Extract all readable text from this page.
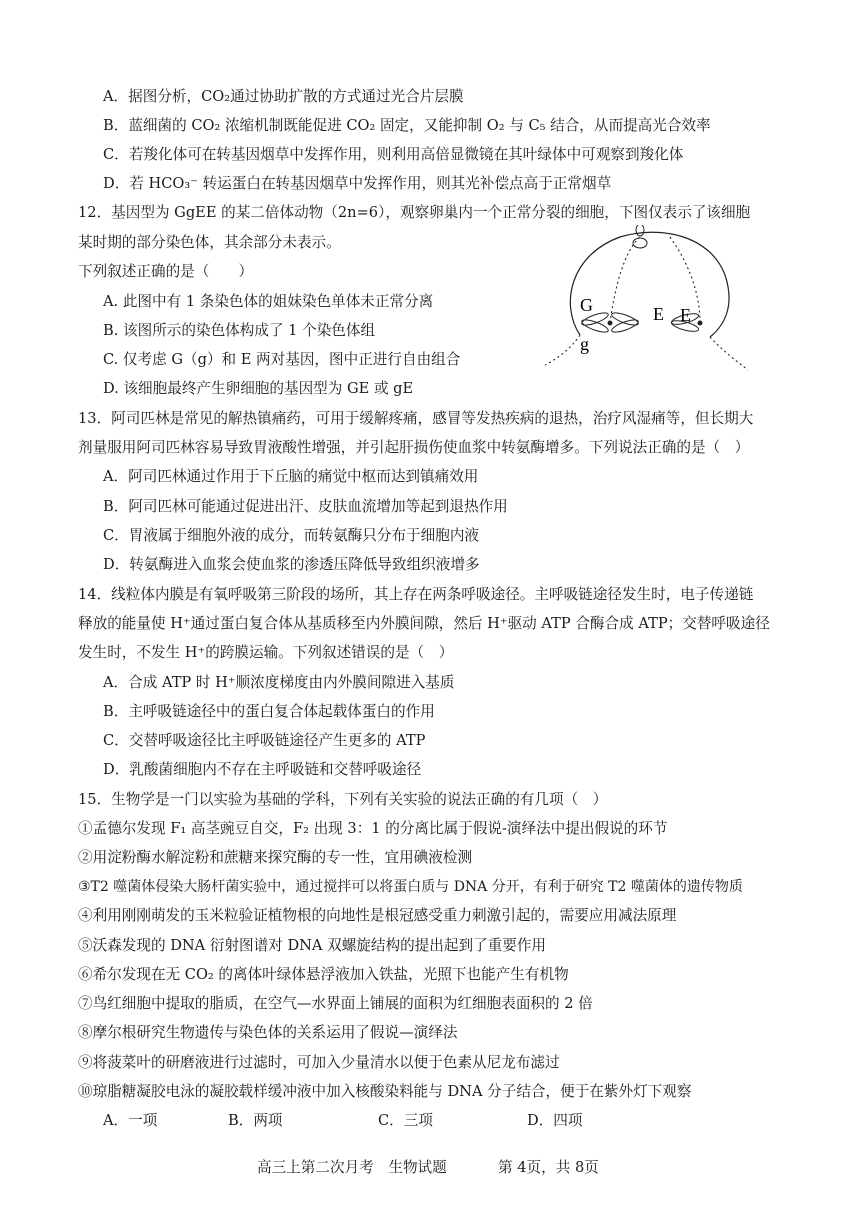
A．据图分析，CO₂通过协助扩散的方式通过光合片层膜
B．蓝细菌的 CO₂ 浓缩机制既能促进 CO₂ 固定，又能抑制 O₂ 与 C₅ 结合，从而提高光合效率
C．若羧化体可在转基因烟草中发挥作用，则利用高倍显微镜在其叶绿体中可观察到羧化体
D．若 HCO₃⁻ 转运蛋白在转基因烟草中发挥作用，则其光补偿点高于正常烟草
12．基因型为 GgEE 的某二倍体动物（2n=6），观察卵巢内一个正常分裂的细胞，下图仅表示了该细胞
某时期的部分染色体，其余部分未表示。
下列叙述正确的是（　　）
A. 此图中有 1 条染色体的姐妹染色单体未正常分离
B. 该图所示的染色体构成了 1 个染色体组
C. 仅考虑 G（g）和 E 两对基因，图中正进行自由组合
D. 该细胞最终产生卵细胞的基因型为 GE 或 gE
G
g
E E
13．阿司匹林是常见的解热镇痛药，可用于缓解疼痛，感冒等发热疾病的退热，治疗风湿痛等，但长期大
剂量服用阿司匹林容易导致胃液酸性增强，并引起肝损伤使血浆中转氨酶增多。下列说法正确的是（　）
A．阿司匹林通过作用于下丘脑的痛觉中枢而达到镇痛效用
B．阿司匹林可能通过促进出汗、皮肤血流增加等起到退热作用
C．胃液属于细胞外液的成分，而转氨酶只分布于细胞内液
D．转氨酶进入血浆会使血浆的渗透压降低导致组织液增多
14．线粒体内膜是有氧呼吸第三阶段的场所，其上存在两条呼吸途径。主呼吸链途径发生时，电子传递链
释放的能量使 H⁺通过蛋白复合体从基质移至内外膜间隙，然后 H⁺驱动 ATP 合酶合成 ATP；交替呼吸途径
发生时，不发生 H⁺的跨膜运输。下列叙述错误的是（　）
A．合成 ATP 时 H⁺顺浓度梯度由内外膜间隙进入基质
B．主呼吸链途径中的蛋白复合体起载体蛋白的作用
C．交替呼吸途径比主呼吸链途径产生更多的 ATP
D．乳酸菌细胞内不存在主呼吸链和交替呼吸途径
15．生物学是一门以实验为基础的学科，下列有关实验的说法正确的有几项（　）
①孟德尔发现 F₁ 高茎豌豆自交，F₂ 出现 3：1 的分离比属于假说-演绎法中提出假说的环节
②用淀粉酶水解淀粉和蔗糖来探究酶的专一性，宜用碘液检测
③T2 噬菌体侵染大肠杆菌实验中，通过搅拌可以将蛋白质与 DNA 分开，有利于研究 T2 噬菌体的遗传物质
④利用刚刚萌发的玉米粒验证植物根的向地性是根冠感受重力刺激引起的，需要应用减法原理
⑤沃森发现的 DNA 衍射图谱对 DNA 双螺旋结构的提出起到了重要作用
⑥希尔发现在无 CO₂ 的离体叶绿体悬浮液加入铁盐，光照下也能产生有机物
⑦鸟红细胞中提取的脂质，在空气—水界面上铺展的面积为红细胞表面积的 2 倍
⑧摩尔根研究生物遗传与染色体的关系运用了假说—演绎法
⑨将菠菜叶的研磨液进行过滤时，可加入少量清水以便于色素从尼龙布滤过
⑩琼脂糖凝胶电泳的凝胶载样缓冲液中加入核酸染料能与 DNA 分子结合，便于在紫外灯下观察
A．一项	B．两项	C．三项	D．四项
高三上第二次月考　生物试题	第 4页，共 8页
